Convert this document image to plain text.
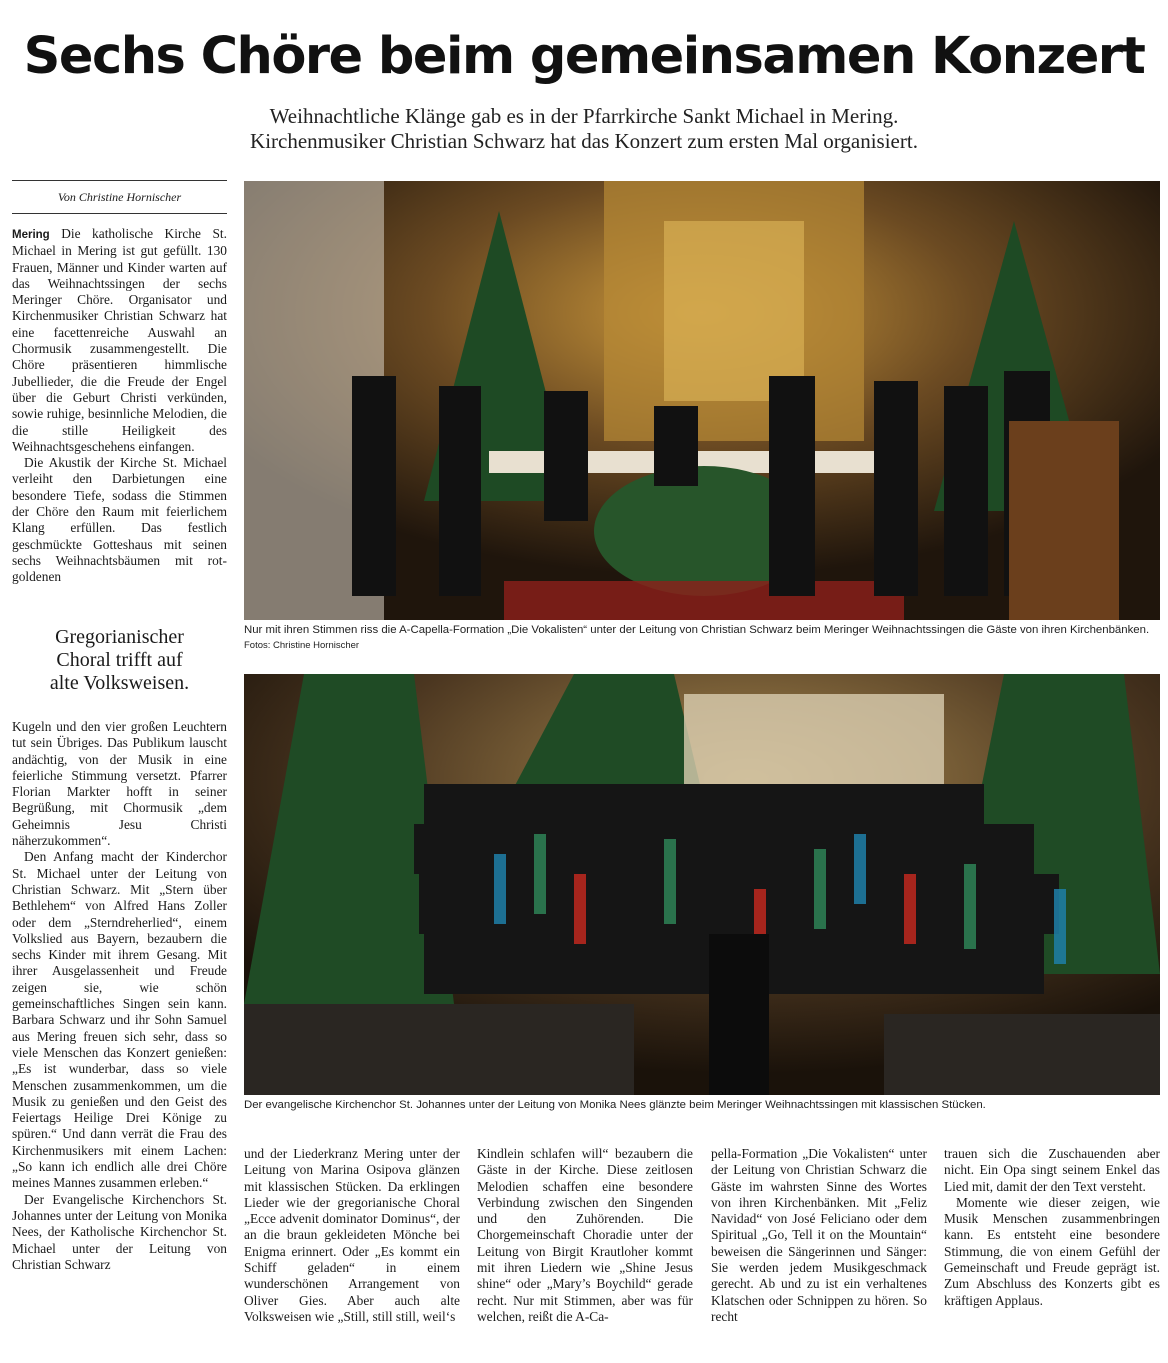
Sechs Chöre beim gemeinsamen Konzert
Weihnachtliche Klänge gab es in der Pfarrkirche Sankt Michael in Mering.
Kirchenmusiker Christian Schwarz hat das Konzert zum ersten Mal organisiert.
Von Christine Hornischer

Mering Die katholische Kirche St. Michael in Mering ist gut gefüllt. 130 Frauen, Männer und Kinder warten auf das Weihnachtssingen der sechs Meringer Chöre. Organisator und Kirchenmusiker Christian Schwarz hat eine facettenreiche Auswahl an Chormusik zusammengestellt. Die Chöre präsentieren himmlische Jubellieder, die die Freude der Engel über die Geburt Christi verkünden, sowie ruhige, besinnliche Melodien, die die stille Heiligkeit des Weihnachtsgeschehens einfangen.

Die Akustik der Kirche St. Michael verleiht den Darbietungen eine besondere Tiefe, sodass die Stimmen der Chöre den Raum mit feierlichem Klang erfüllen. Das festlich geschmückte Gotteshaus mit seinen sechs Weihnachtsbäumen mit rot-goldenen

Gregorianischer
Choral trifft auf
alte Volksweisen.

Kugeln und den vier großen Leuchtern tut sein Übriges. Das Publikum lauscht andächtig, von der Musik in eine feierliche Stimmung versetzt. Pfarrer Florian Markter hofft in seiner Begrüßung, mit Chormusik „dem Geheimnis Jesu Christi näherzukommen“.

Den Anfang macht der Kinderchor St. Michael unter der Leitung von Christian Schwarz. Mit „Stern über Bethlehem“ von Alfred Hans Zoller oder dem „Sterndreherlied“, einem Volkslied aus Bayern, bezaubern die sechs Kinder mit ihrem Gesang. Mit ihrer Ausgelassenheit und Freude zeigen sie, wie schön gemeinschaftliches Singen sein kann. Barbara Schwarz und ihr Sohn Samuel aus Mering freuen sich sehr, dass so viele Menschen das Konzert genießen: „Es ist wunderbar, dass so viele Menschen zusammenkommen, um die Musik zu genießen und den Geist des Feiertags Heilige Drei Könige zu spüren.“ Und dann verrät die Frau des Kirchenmusikers mit einem Lachen: „So kann ich endlich alle drei Chöre meines Mannes zusammen erleben.“

Der Evangelische Kirchenchors St. Johannes unter der Leitung von Monika Nees, der Katholische Kirchenchor St. Michael unter der Leitung von Christian Schwarz

Nur mit ihren Stimmen riss die A-Capella-Formation „Die Vokalisten“ unter der Leitung von Christian Schwarz beim Meringer Weihnachtssingen die Gäste von ihren Kirchenbänken. Fotos: Christine Hornischer
Der evangelische Kirchenchor St. Johannes unter der Leitung von Monika Nees glänzte beim Meringer Weihnachtssingen mit klassischen Stücken.

und der Liederkranz Mering unter der Leitung von Marina Osipova glänzen mit klassischen Stücken. Da erklingen Lieder wie der gregorianische Choral „Ecce advenit dominator Dominus“, der an die braun gekleideten Mönche bei Enigma erinnert. Oder „Es kommt ein Schiff geladen“ in einem wunderschönen Arrangement von Oliver Gies. Aber auch alte Volksweisen wie „Still, still still, weil‘s

Kindlein schlafen will“ bezaubern die Gäste in der Kirche. Diese zeitlosen Melodien schaffen eine besondere Verbindung zwischen den Singenden und den Zuhörenden. Die Chorgemeinschaft Choradie unter der Leitung von Birgit Krautloher kommt mit ihren Liedern wie „Shine Jesus shine“ oder „Mary’s Boychild“ gerade recht. Nur mit Stimmen, aber was für welchen, reißt die A-Ca-

pella-Formation „Die Vokalisten“ unter der Leitung von Christian Schwarz die Gäste im wahrsten Sinne des Wortes von ihren Kirchenbänken. Mit „Feliz Navidad“ von José Feliciano oder dem Spiritual „Go, Tell it on the Mountain“ beweisen die Sängerinnen und Sänger: Sie werden jedem Musikgeschmack gerecht. Ab und zu ist ein verhaltenes Klatschen oder Schnippen zu hören. So recht

trauen sich die Zuschauenden aber nicht. Ein Opa singt seinem Enkel das Lied mit, damit der den Text versteht.

Momente wie dieser zeigen, wie Musik Menschen zusammenbringen kann. Es entsteht eine besondere Stimmung, die von einem Gefühl der Gemeinschaft und Freude geprägt ist. Zum Abschluss des Konzerts gibt es kräftigen Applaus.
